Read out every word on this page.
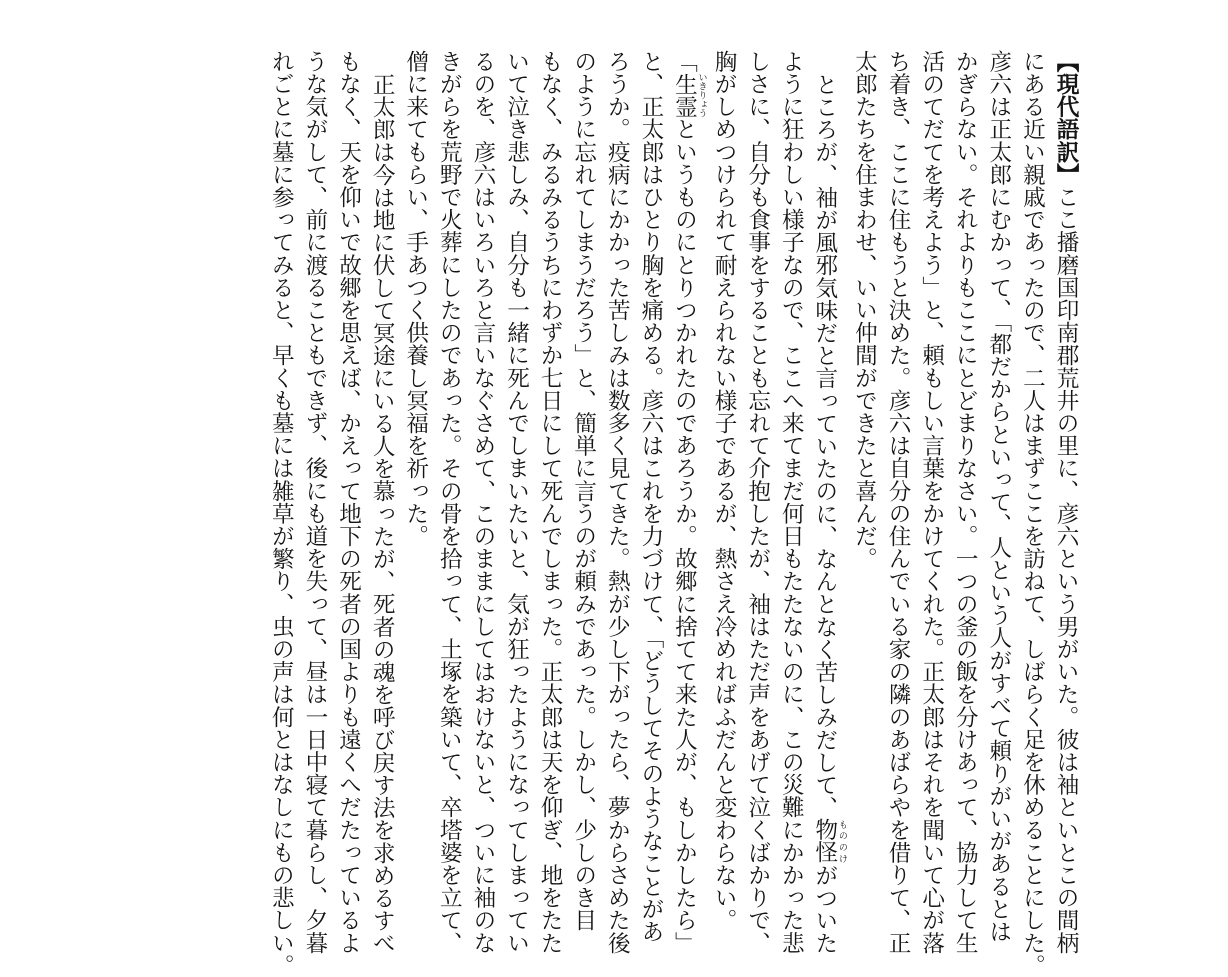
【現代語訳】ここ播磨国印南郡荒井の里に、彦六という男がいた。彼は袖といとこの間柄
にある近い親戚であったので、二人はまずここを訪ねて、しばらく足を休めることにした。
彦六は正太郎にむかって、「都だからといって、人という人がすべて頼りがいがあるとは
かぎらない。それよりもここにとどまりなさい。一つの釜の飯を分けあって、協力して生
活のてだてを考えよう」と、頼もしい言葉をかけてくれた。正太郎はそれを聞いて心が落
ち着き、ここに住もうと決めた。彦六は自分の住んでいる家の隣のあばらやを借りて、正
太郎たちを住まわせ、いい仲間ができたと喜んだ。
ところが、袖が風邪気味だと言っていたのに、なんとなく苦しみだして、物怪 もののけがついた
ように狂わしい様子なので、ここへ来てまだ何日もたたないのに、この災難にかかった悲
しさに、自分も食事をすることも忘れて介抱したが、袖はただ声をあげて泣くばかりで、
胸がしめつけられて耐えられない様子であるが、熱さえ冷めればふだんと変わらない。
「生霊 いきりょうというものにとりつかれたのであろうか。故郷に捨てて来た人が、もしかしたら」
と、正太郎はひとり胸を痛める。彦六はこれを力づけて、「どうしてそのようなことがあ
ろうか。疫病にかかった苦しみは数多く見てきた。熱が少し下がったら、夢からさめた後
のように忘れてしまうだろう」と、簡単に言うのが頼みであった。しかし、少しのき目
もなく、みるみるうちにわずか七日にして死んでしまった。正太郎は天を仰ぎ、地をたた
いて泣き悲しみ、自分も一緒に死んでしまいたいと、気が狂ったようになってしまってい
るのを、彦六はいろいろと言いなぐさめて、このままにしてはおけないと、ついに袖のな
きがらを荒野で火葬にしたのであった。その骨を拾って、土塚を築いて、卒塔婆を立て、
僧に来てもらい、手あつく供養し冥福を祈った。
正太郎は今は地に伏して冥途にいる人を慕ったが、死者の魂を呼び戻す法を求めるすべ
もなく、天を仰いで故郷を思えば、かえって地下の死者の国よりも遠くへだたっているよ
うな気がして、前に渡ることもできず、後にも道を失って、昼は一日中寝て暮らし、夕暮
れごとに墓に参ってみると、早くも墓には雑草が繁り、虫の声は何とはなしにもの悲しい。
